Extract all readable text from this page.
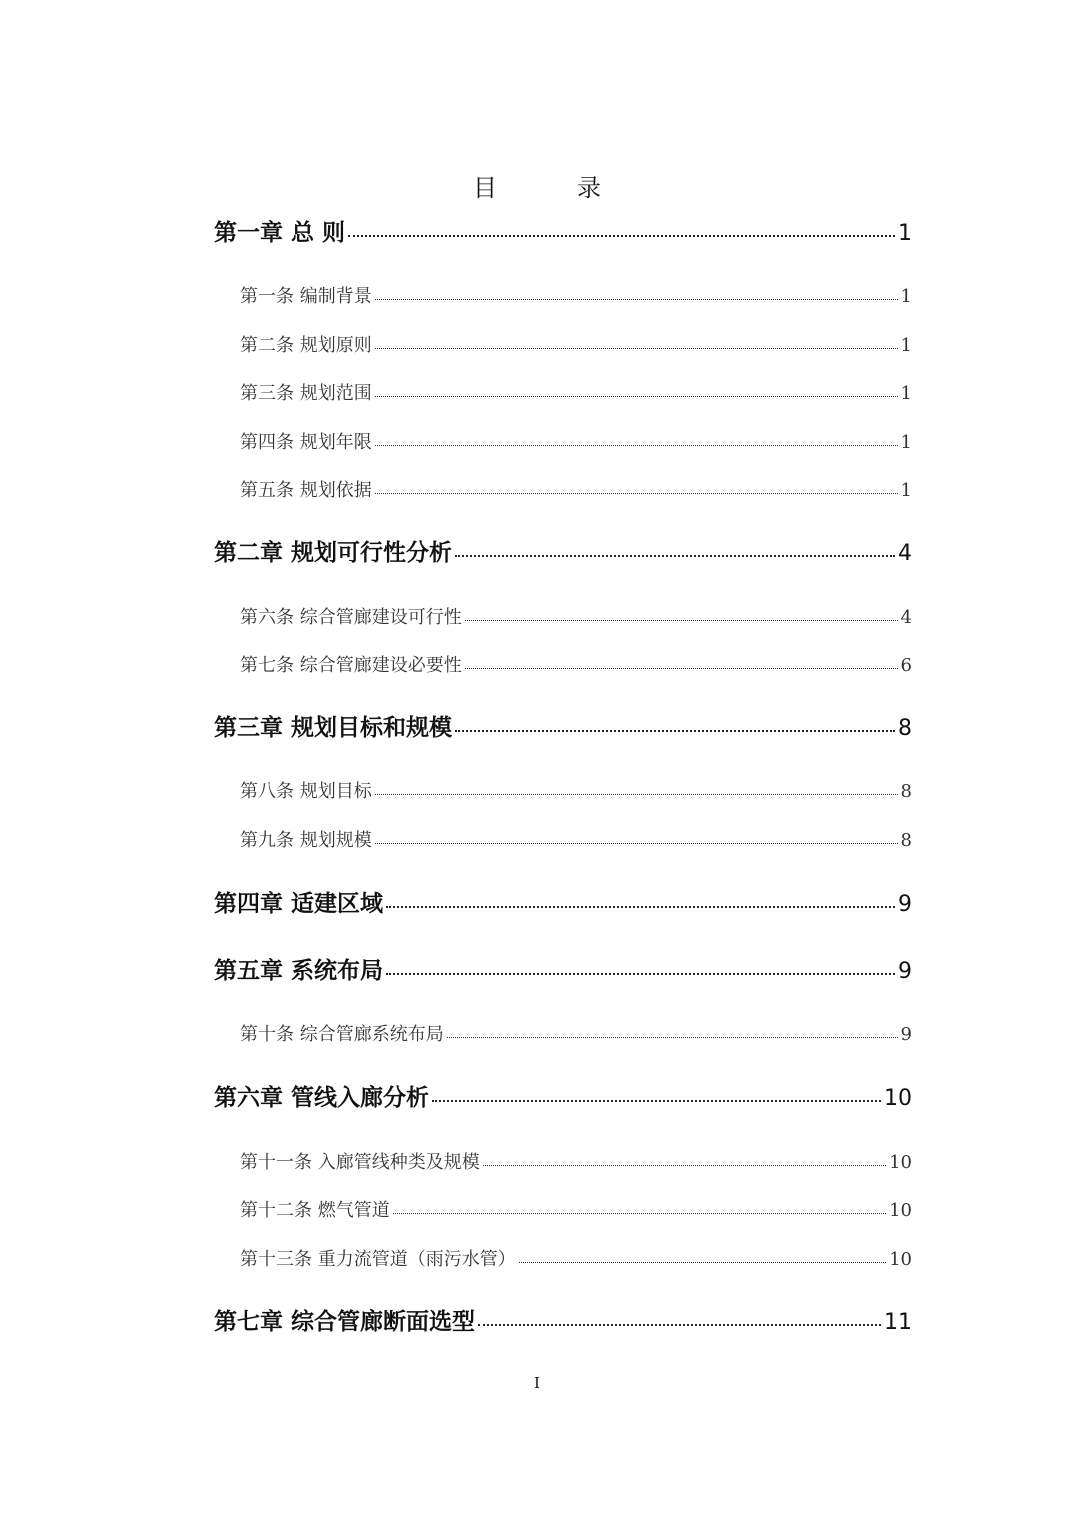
目　录
第一章 总 则	1
第一条 编制背景	1
第二条 规划原则	1
第三条 规划范围	1
第四条 规划年限	1
第五条 规划依据	1
第二章 规划可行性分析	4
第六条 综合管廊建设可行性	4
第七条 综合管廊建设必要性	6
第三章 规划目标和规模	8
第八条 规划目标	8
第九条 规划规模	8
第四章 适建区域	9
第五章 系统布局	9
第十条 综合管廊系统布局	9
第六章 管线入廊分析	10
第十一条 入廊管线种类及规模	10
第十二条 燃气管道	10
第十三条 重力流管道（雨污水管）	10
第七章 综合管廊断面选型	11
I
